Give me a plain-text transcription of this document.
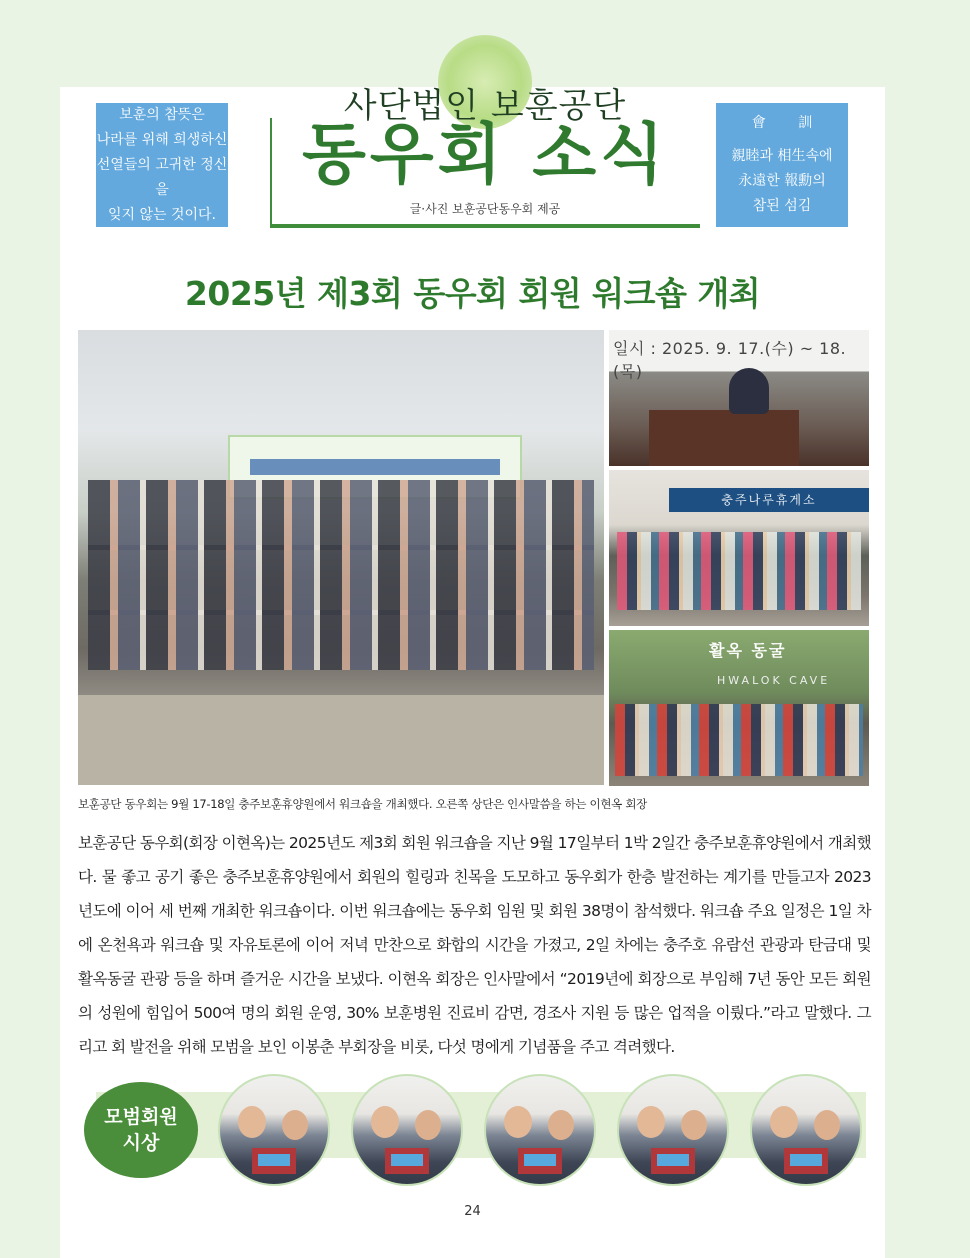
보훈의 참뜻은
나라를 위해 희생하신
선열들의 고귀한 정신을
잊지 않는 것이다.
사단법인 보훈공단
동우회 소식
글·사진 보훈공단동우회 제공
會 訓
親睦과 相生속에
永遠한 報勳의
참된 섬김
2025년 제3회 동우회 회원 워크숍 개최
일시 : 2025. 9. 17.(수) ~ 18.(목)
충주나루휴게소
활옥 동굴
HWALOK CAVE
보훈공단 동우회는 9월 17-18일 충주보훈휴양원에서 워크숍을 개최했다. 오른쪽 상단은 인사말씀을 하는 이현옥 회장

보훈공단 동우회(회장 이현옥)는 2025년도 제3회 회원 워크숍을 지난 9월 17일부터 1박 2일간 충주보훈휴양원에서 개최했다. 물 좋고 공기 좋은 충주보훈휴양원에서 회원의 힐링과 친목을 도모하고 동우회가 한층 발전하는 계기를 만들고자 2023년도에 이어 세 번째 개최한 워크숍이다. 이번 워크숍에는 동우회 임원 및 회원 38명이 참석했다. 워크숍 주요 일정은 1일 차에 온천욕과 워크숍 및 자유토론에 이어 저녁 만찬으로 화합의 시간을 가졌고, 2일 차에는 충주호 유람선 관광과 탄금대 및 활옥동굴 관광 등을 하며 즐거운 시간을 보냈다. 이현옥 회장은 인사말에서 “2019년에 회장으로 부임해 7년 동안 모든 회원의 성원에 힘입어 500여 명의 회원 운영, 30% 보훈병원 진료비 감면, 경조사 지원 등 많은 업적을 이뤘다.”라고 말했다. 그리고 회 발전을 위해 모범을 보인 이봉춘 부회장을 비롯, 다섯 명에게 기념품을 주고 격려했다.

모범회원
시상
24
